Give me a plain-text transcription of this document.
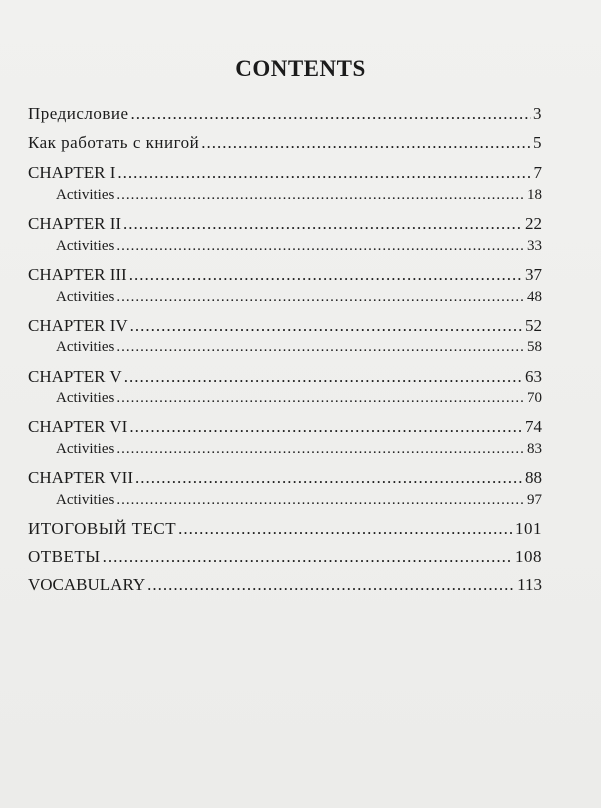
CONTENTS
Предисловие .....	3
Как работать с книгой .....	5
CHAPTER I .....	7
Activities .....	18
CHAPTER II .....	22
Activities .....	33
CHAPTER III .....	37
Activities .....	48
CHAPTER IV .....	52
Activities .....	58
CHAPTER V .....	63
Activities .....	70
CHAPTER VI .....	74
Activities .....	83
CHAPTER VII .....	88
Activities .....	97
ИТОГОВЫЙ ТЕСТ .....	101
ОТВЕТЫ .....	108
VOCABULARY .....	113
